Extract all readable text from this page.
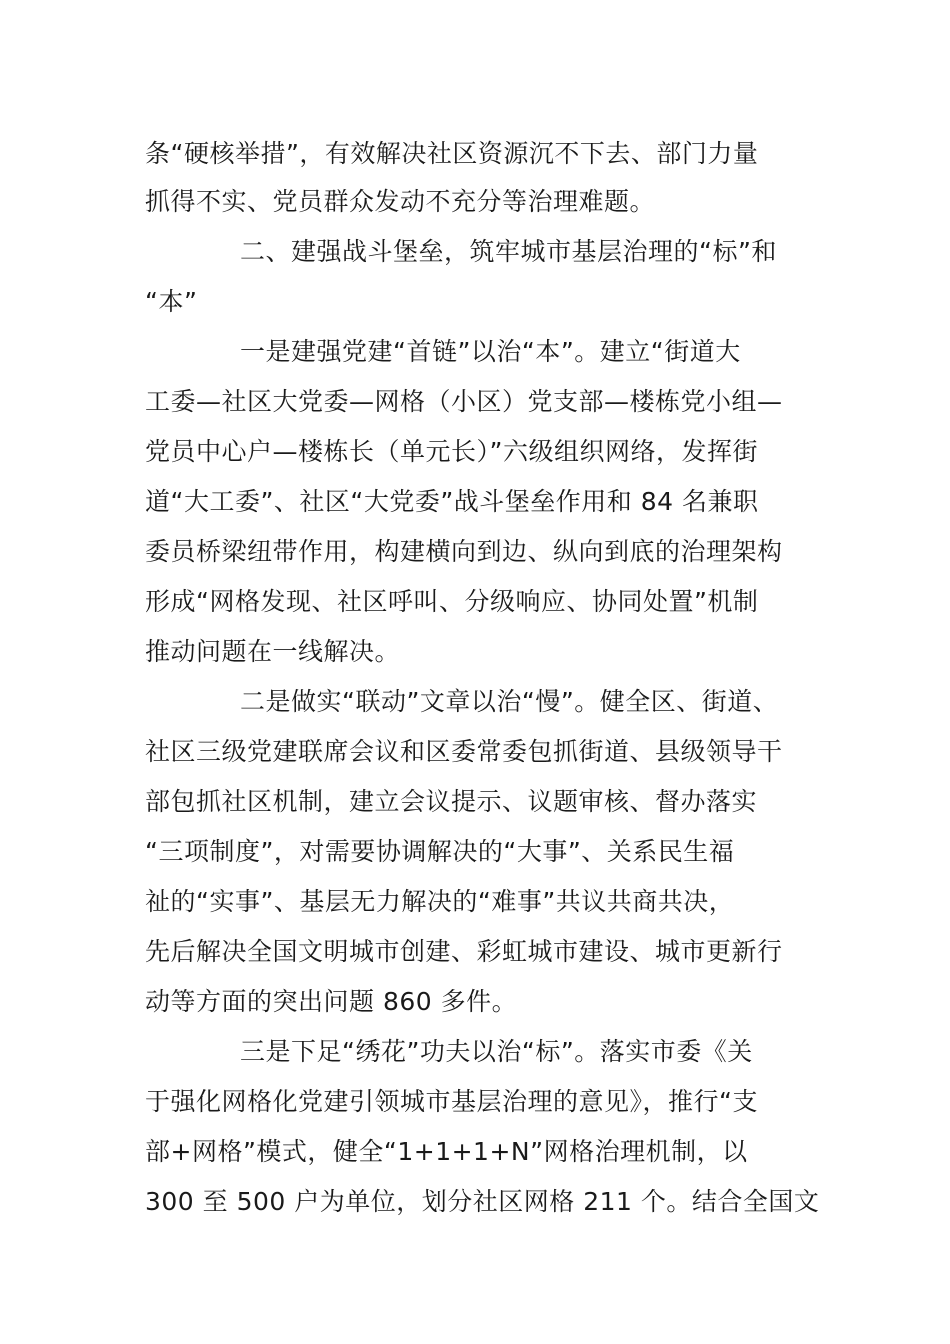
条“硬核举措”，有效解决社区资源沉不下去、部门力量
抓得不实、党员群众发动不充分等治理难题。
二、建强战斗堡垒，筑牢城市基层治理的“标”和
“本”
一是建强党建“首链”以治“本”。建立“街道大
工委—社区大党委—网格（小区）党支部—楼栋党小组—
党员中心户—楼栋长（单元长）”六级组织网络，发挥街
道“大工委”、社区“大党委”战斗堡垒作用和 84 名兼职
委员桥梁纽带作用，构建横向到边、纵向到底的治理架构
形成“网格发现、社区呼叫、分级响应、协同处置”机制
推动问题在一线解决。
二是做实“联动”文章以治“慢”。健全区、街道、
社区三级党建联席会议和区委常委包抓街道、县级领导干
部包抓社区机制，建立会议提示、议题审核、督办落实
“三项制度”，对需要协调解决的“大事”、关系民生福
祉的“实事”、基层无力解决的“难事”共议共商共决，
先后解决全国文明城市创建、彩虹城市建设、城市更新行
动等方面的突出问题 860 多件。
三是下足“绣花”功夫以治“标”。落实市委《关
于强化网格化党建引领城市基层治理的意见》，推行“支
部+网格”模式，健全“1+1+1+N”网格治理机制，以
300 至 500 户为单位，划分社区网格 211 个。结合全国文
